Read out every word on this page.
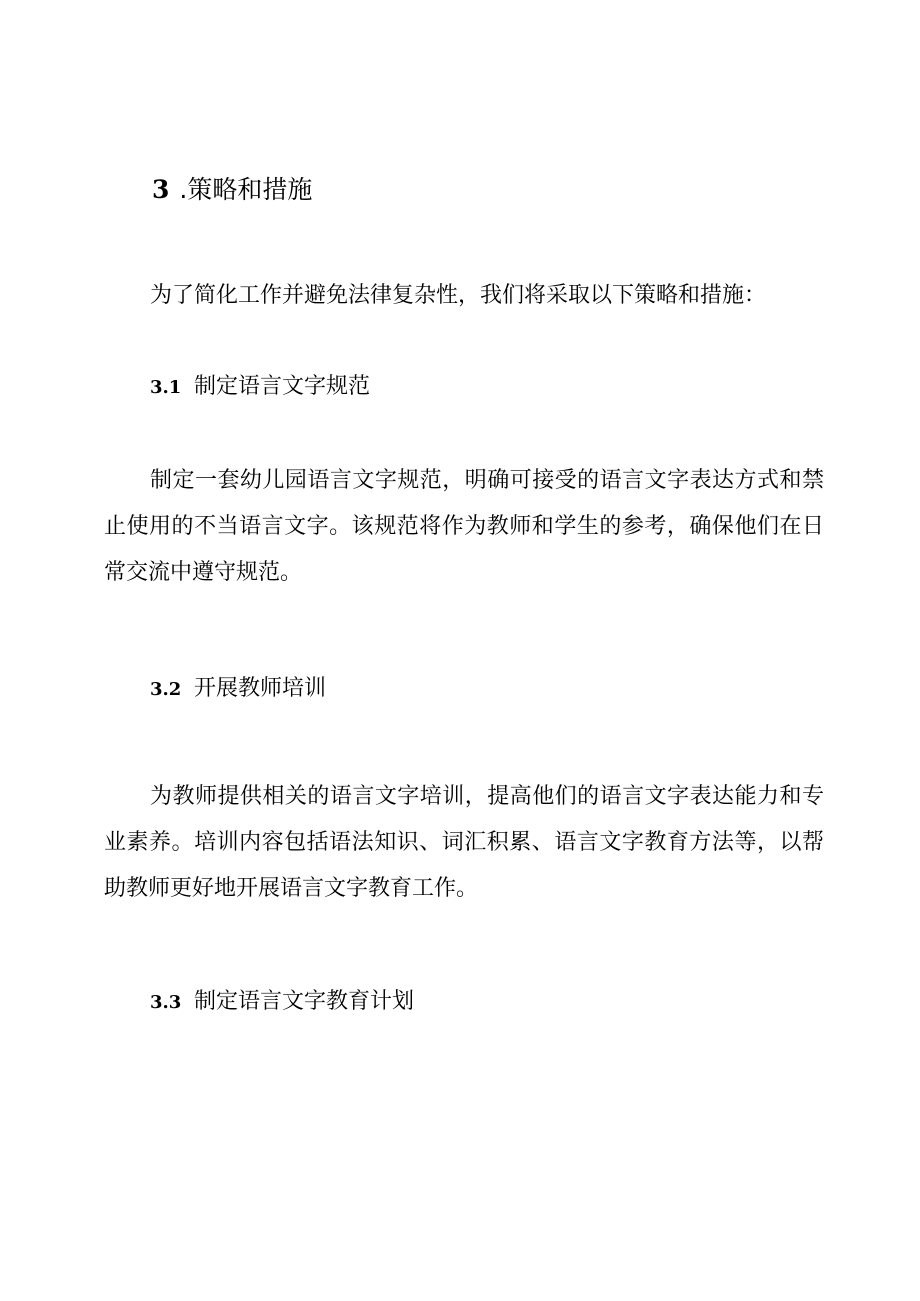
3 .策略和措施
为了简化工作并避免法律复杂性，我们将采取以下策略和措施：
3.1 制定语言文字规范
制定一套幼儿园语言文字规范，明确可接受的语言文字表达方式和禁止使用的不当语言文字。该规范将作为教师和学生的参考，确保他们在日常交流中遵守规范。
3.2 开展教师培训
为教师提供相关的语言文字培训，提高他们的语言文字表达能力和专业素养。培训内容包括语法知识、词汇积累、语言文字教育方法等，以帮助教师更好地开展语言文字教育工作。
3.3 制定语言文字教育计划
